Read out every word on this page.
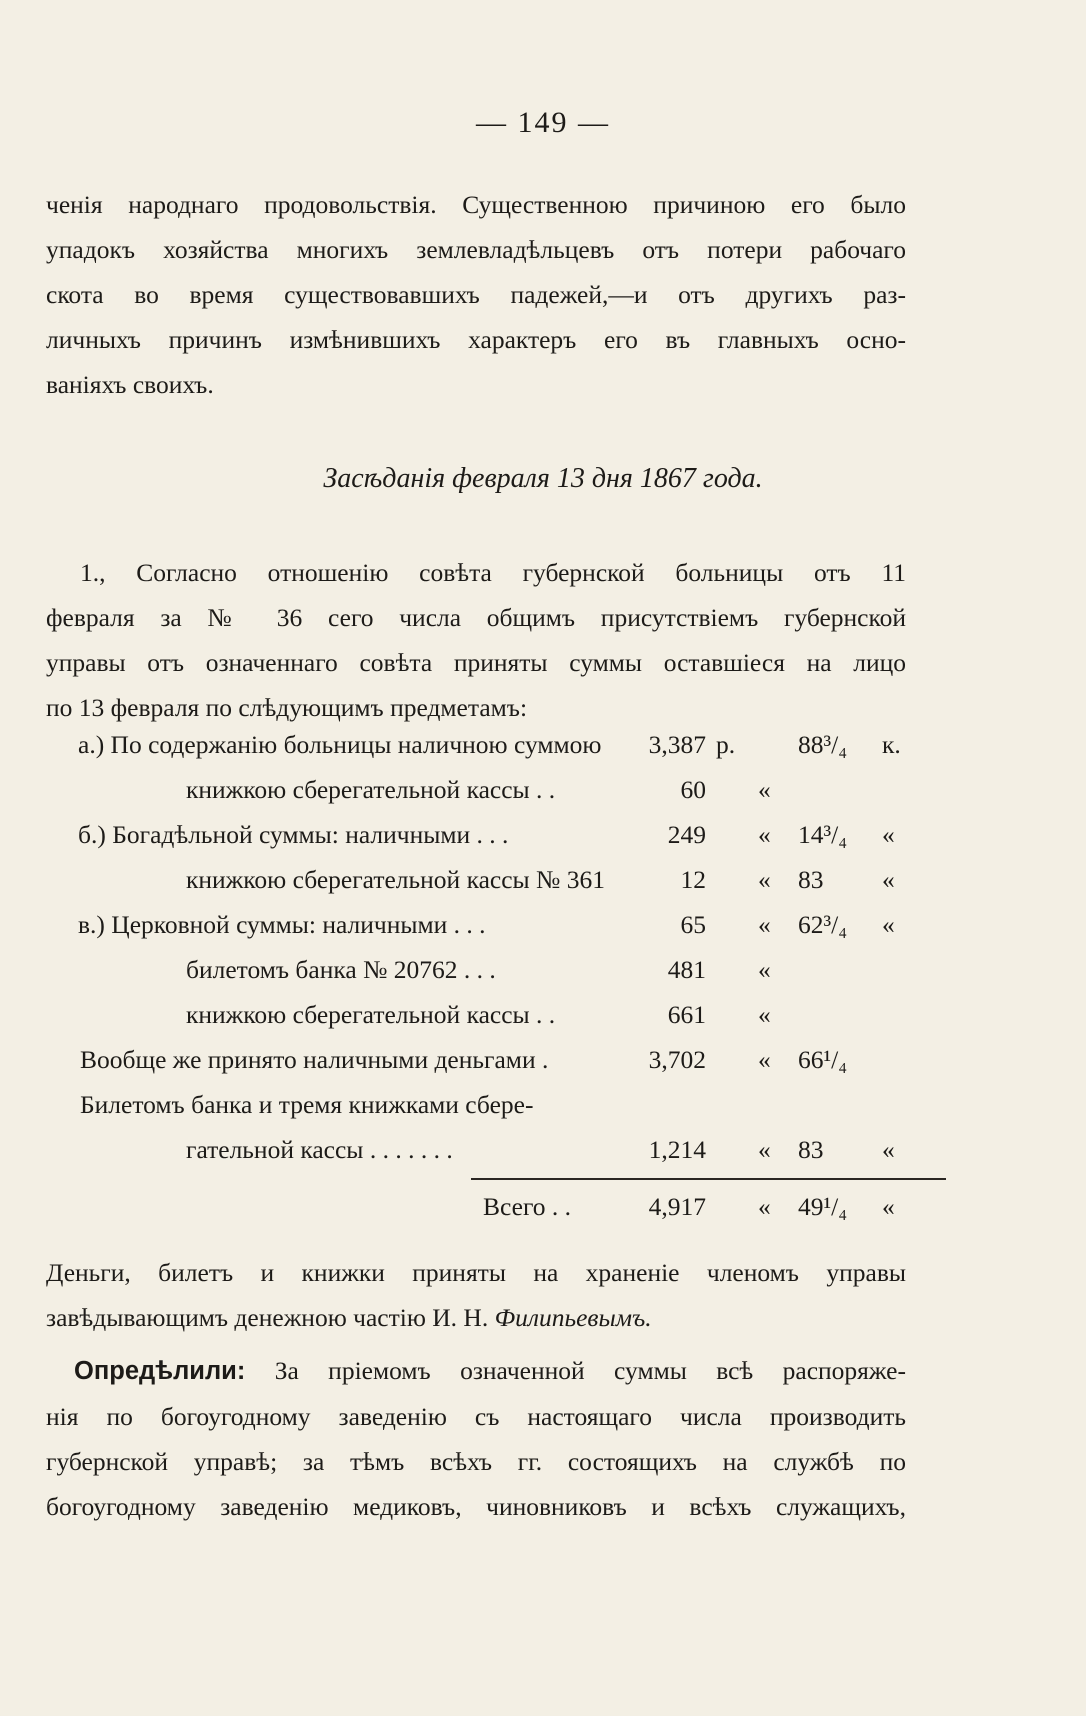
— 149 —
ченія народнаго продовольствія. Существенною причиною его было
упадокъ хозяйства многихъ землевладѣльцевъ отъ потери рабочаго
скота во время существовавшихъ падежей,—и отъ другихъ раз-
личныхъ причинъ измѣнившихъ характеръ его въ главныхъ осно-
ваніяхъ своихъ.
Засѣданія февраля 13 дня 1867 года.
1., Согласно отношенію совѣта губернской больницы отъ 11
февраля за № 36 сего числа общимъ присутствіемъ губернской
управы отъ означеннаго совѣта приняты суммы оставшіеся на лицо
по 13 февраля по слѣдующимъ предметамъ:
а.) По содержанію больницы наличною суммою	3,387 р. 88³/₄ к.
книжкою сберегательной кассы . .	60 «
б.) Богадѣльной суммы: наличными . . .	249 « 14³/₄	«
книжкою сберегательной кассы № 361	12 « 83	«
в.) Церковной суммы: наличными . . .	65 « 62³/₄	«
билетомъ банка № 20762 . . .	481 «
книжкою сберегательной кассы . .	661 «
Вообще же принято наличными деньгами .	3,702 « 66¹/₄
Билетомъ банка и тремя книжками сбере-
гательной кассы . . . . . . .	1,214 « 83	«
Всего . .	4,917 « 49¹/₄	«
Деньги, билетъ и книжки приняты на храненіе членомъ управы
завѣдывающимъ денежною частію И. Н. Филипьевымъ.
Опредѣлили: За пріемомъ означенной суммы всѣ распоряже-
нія по богоугодному заведенію съ настоящаго числа производить
губернской управѣ; за тѣмъ всѣхъ гг. состоящихъ на службѣ по
богоугодному заведенію медиковъ, чиновниковъ и всѣхъ служащихъ,
